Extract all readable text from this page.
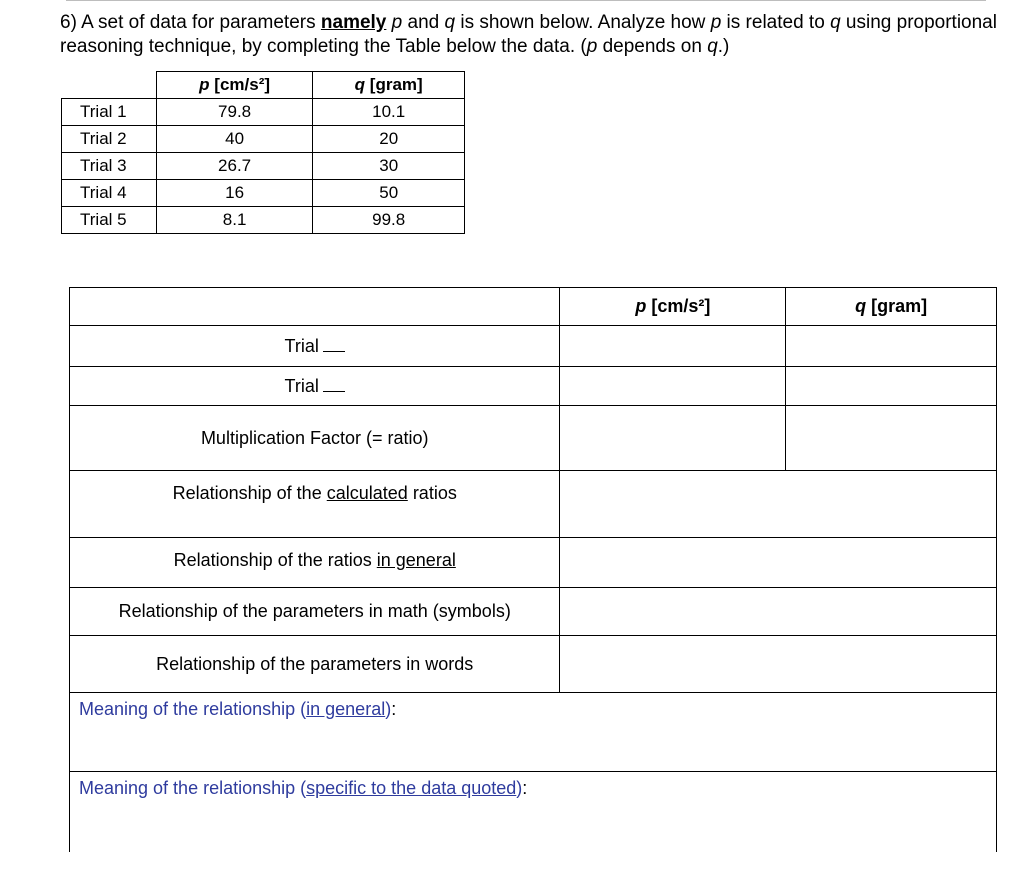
6) A set of data for parameters namely p and q is shown below. Analyze how p is related to q using proportional reasoning technique, by completing the Table below the data. (p depends on q.)
	p [cm/s²]	q [gram]
Trial 1	79.8	10.1
Trial 2	40	20
Trial 3	26.7	30
Trial 4	16	50
Trial 5	8.1	99.8
	p [cm/s²]	q [gram]
Trial		
Trial		
Multiplication Factor (= ratio)		
Relationship of the calculated ratios		
Relationship of the ratios in general		
Relationship of the parameters in math (symbols)		
Relationship of the parameters in words		
Meaning of the relationship (in general):		
Meaning of the relationship (specific to the data quoted):		
